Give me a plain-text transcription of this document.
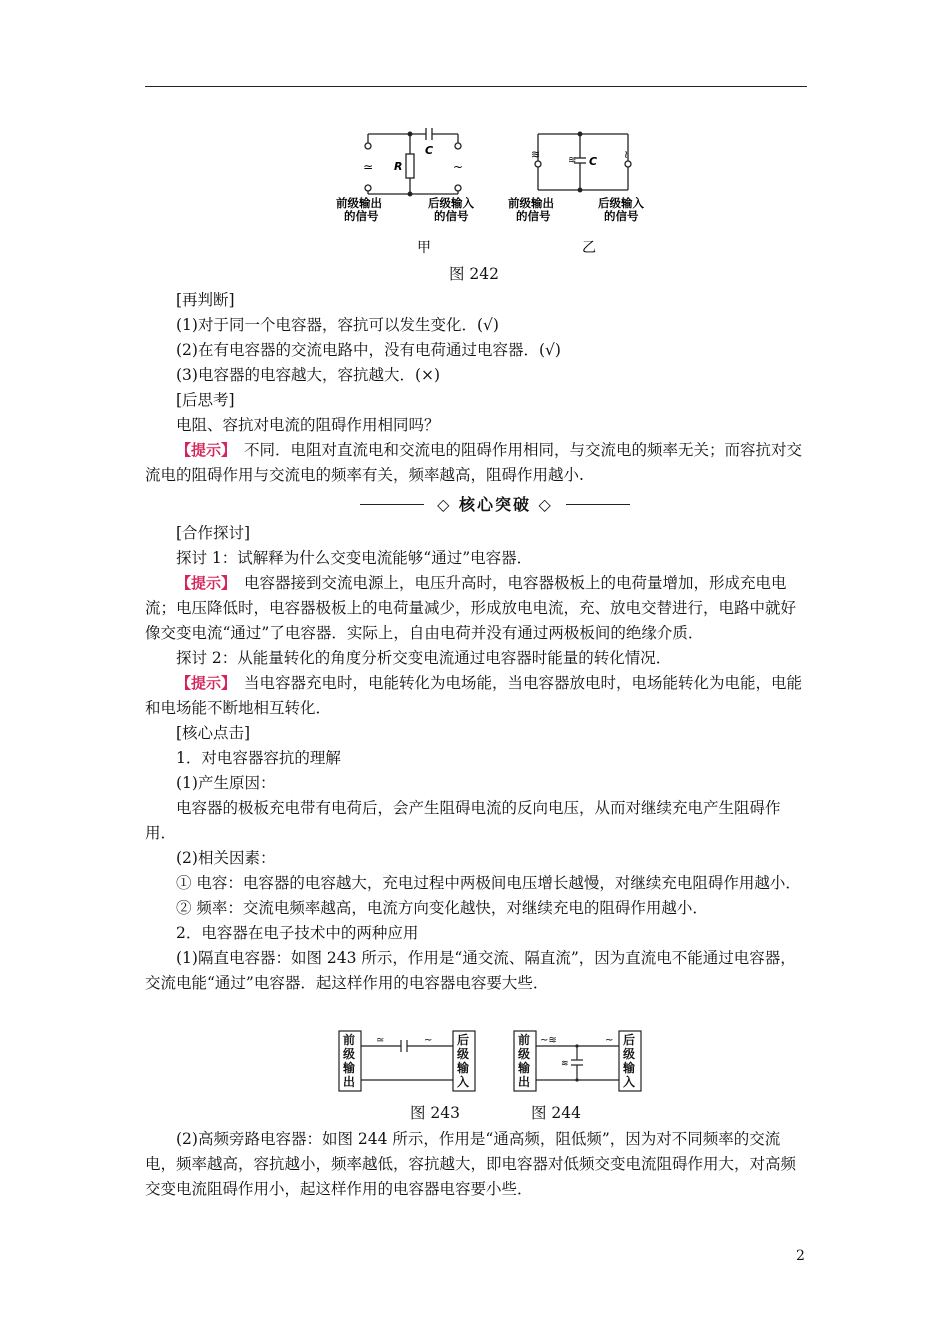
C
R
≃	~
前级输出
的信号
后级输入
的信号
甲
C
≋	≋	≀
前级输出
的信号
后级输入
的信号
乙
图 242

[再判断]

(1)对于同一个电容器，容抗可以发生变化．(√)

(2)在有电容器的交流电路中，没有电荷通过电容器．(√)

(3)电容器的电容越大，容抗越大．(×)

[后思考]

电阻、容抗对电流的阻碍作用相同吗？

【提示】　不同．电阻对直流电和交流电的阻碍作用相同，与交流电的频率无关；而容抗对交流电的阻碍作用与交流电的频率有关，频率越高，阻碍作用越小.

◇ 核心突破 ◇

[合作探讨]

探讨 1：试解释为什么交变电流能够“通过”电容器．

【提示】　电容器接到交流电源上，电压升高时，电容器极板上的电荷量增加，形成充电电流；电压降低时，电容器极板上的电荷量减少，形成放电电流，充、放电交替进行，电路中就好像交变电流“通过”了电容器．实际上，自由电荷并没有通过两极板间的绝缘介质．

探讨 2：从能量转化的角度分析交变电流通过电容器时能量的转化情况．

【提示】　当电容器充电时，电能转化为电场能，当电容器放电时，电场能转化为电能，电能和电场能不断地相互转化．

[核心点击]

1．对电容器容抗的理解

(1)产生原因：

电容器的极板充电带有电荷后，会产生阻碍电流的反向电压，从而对继续充电产生阻碍作用．

(2)相关因素：

① 电容：电容器的电容越大，充电过程中两极间电压增长越慢，对继续充电阻碍作用越小．

② 频率：交流电频率越高，电流方向变化越快，对继续充电的阻碍作用越小．

2．电容器在电子技术中的两种应用

(1)隔直电容器：如图 243 所示，作用是“通交流、隔直流”，因为直流电不能通过电容器，交流电能“通过”电容器．起这样作用的电容器电容要大些．

≃	~
前级输出
后级输入
~≋
≋
~
前级输出
后级输入
图 243	图 244

(2)高频旁路电容器：如图 244 所示，作用是“通高频，阻低频”，因为对不同频率的交流电，频率越高，容抗越小，频率越低，容抗越大，即电容器对低频交变电流阻碍作用大，对高频交变电流阻碍作用小，起这样作用的电容器电容要小些．

2
